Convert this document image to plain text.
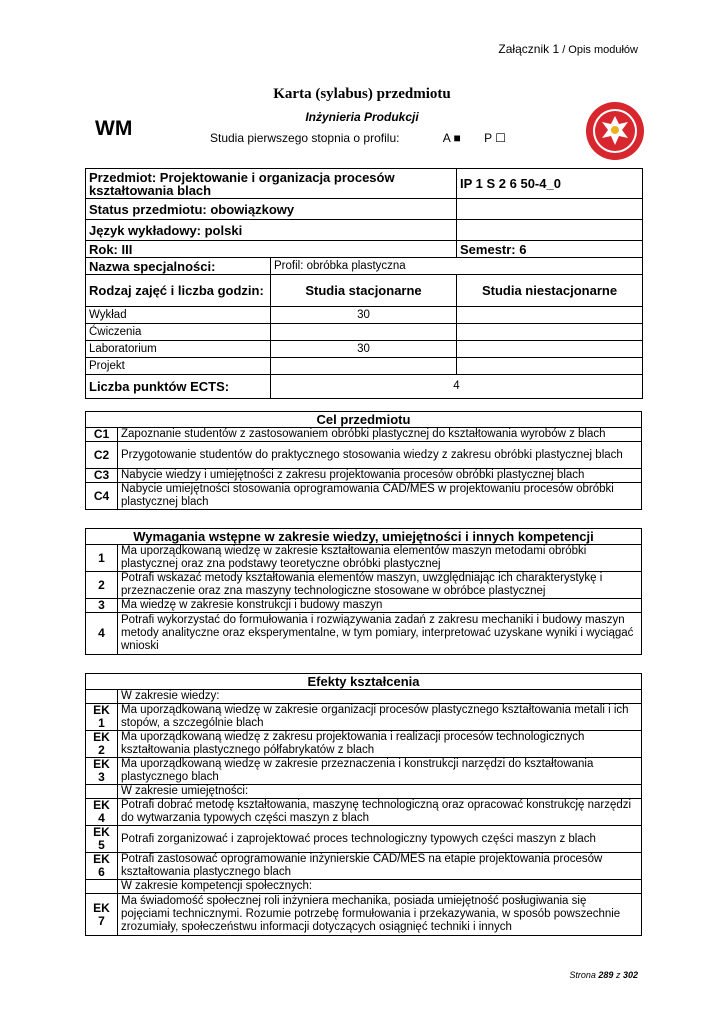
Załącznik 1 / Opis modułów
WM
Karta (sylabus) przedmiotu
Inżynieria Produkcji
Studia pierwszego stopnia o profilu:	A ■ P ☐
Przedmiot: Projektowanie i organizacja procesów kształtowania blach		IP 1 S 2 6 50-4_0
Status przedmiotu: obowiązkowy		
Język wykładowy: polski		
Rok: III		Semestr: 6
Nazwa specjalności:	Profil: obróbka plastyczna	
Rodzaj zajęć i liczba godzin:	Studia stacjonarne	Studia niestacjonarne
Wykład	30	
Ćwiczenia		
Laboratorium	30	
Projekt		
Liczba punktów ECTS:	4	
Cel przedmiotu	
C1	Zapoznanie studentów z zastosowaniem obróbki plastycznej do kształtowania wyrobów z blach
C2	Przygotowanie studentów do praktycznego stosowania wiedzy z zakresu obróbki plastycznej blach
C3	Nabycie wiedzy i umiejętności z zakresu projektowania procesów obróbki plastycznej blach
C4	Nabycie umiejętności stosowania oprogramowania CAD/MES w projektowaniu procesów obróbki plastycznej blach
Wymagania wstępne w zakresie wiedzy, umiejętności i innych kompetencji	
1	Ma uporządkowaną wiedzę w zakresie kształtowania elementów maszyn metodami obróbki plastycznej oraz zna podstawy teoretyczne obróbki plastycznej
2	Potrafi wskazać metody kształtowania elementów maszyn, uwzględniając ich charakterystykę i przeznaczenie oraz zna maszyny technologiczne stosowane w obróbce plastycznej
3	Ma wiedzę w zakresie konstrukcji i budowy maszyn
4	Potrafi wykorzystać do formułowania i rozwiązywania zadań z zakresu mechaniki i budowy maszyn metody analityczne oraz eksperymentalne, w tym pomiary, interpretować uzyskane wyniki i wyciągać wnioski
Efekty kształcenia	
	W zakresie wiedzy:
EK 1	Ma uporządkowaną wiedzę w zakresie organizacji procesów plastycznego kształtowania metali i ich stopów, a szczególnie blach
EK 2	Ma uporządkowaną wiedzę z zakresu projektowania i realizacji procesów technologicznych kształtowania plastycznego półfabrykatów z blach
EK 3	Ma uporządkowaną wiedzę w zakresie przeznaczenia i konstrukcji narzędzi do kształtowania plastycznego blach
	W zakresie umiejętności:
EK 4	Potrafi dobrać metodę kształtowania, maszynę technologiczną oraz opracować konstrukcję narzędzi do wytwarzania typowych części maszyn z blach
EK 5	Potrafi zorganizować i zaprojektować proces technologiczny typowych części maszyn z blach
EK 6	Potrafi zastosować oprogramowanie inżynierskie CAD/MES na etapie projektowania procesów kształtowania plastycznego blach
	W zakresie kompetencji społecznych:
EK 7	Ma świadomość społecznej roli inżyniera mechanika, posiada umiejętność posługiwania się pojęciami technicznymi. Rozumie potrzebę formułowania i przekazywania, w sposób powszechnie zrozumiały, społeczeństwu informacji dotyczących osiągnięć techniki i innych
Strona 289 z 302
